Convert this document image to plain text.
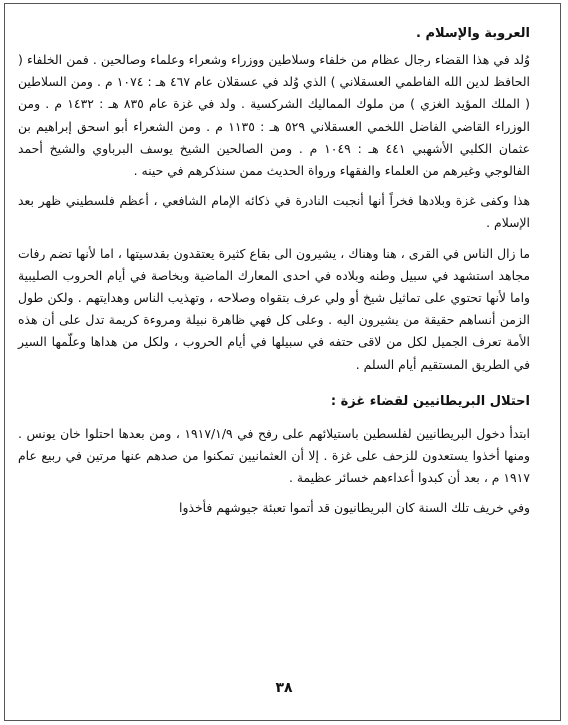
العروبة والإسلام .

وُلد في هذا القضاء رجال عظام من خلفاء وسلاطين ووزراء وشعراء وعلماء وصالحين . فمن الخلفاء ( الحافظ لدين الله الفاطمي العسقلاني ) الذي وُلد في عسقلان عام ٤٦٧ هـ : ١٠٧٤ م . ومن السلاطين ( الملك المؤيد الغزي ) من ملوك المماليك الشركسية . ولد في غزة عام ٨٣٥ هـ : ١٤٣٢ م . ومن الوزراء القاضي الفاضل اللخمي العسقلاني ٥٢٩ هـ : ١١٣٥ م . ومن الشعراء أبو اسحق إبراهيم بن عثمان الكلبي الأشهبي ٤٤١ هـ : ١٠٤٩ م . ومن الصالحين الشيخ يوسف البرباوي والشيخ أحمد الفالوجي وغيرهم من العلماء والفقهاء ورواة الحديث ممن سنذكرهم في حينه .

هذا وكفى غزة وبلادها فخراً أنها أنجبت النادرة في ذكائه الإمام الشافعي ، أعظم فلسطيني ظهر بعد الإسلام .

ما زال الناس في القرى ، هنا وهناك ، يشيرون الى بقاع كثيرة يعتقدون بقدسيتها ، اما لأنها تضم رفات مجاهد استشهد في سبيل وطنه وبلاده في احدى المعارك الماضية وبخاصة في أيام الحروب الصليبية واما لأنها تحتوي على تماثيل شيخ أو ولي عرف بتقواه وصلاحه ، وتهذيب الناس وهدايتهم . ولكن طول الزمن أنساهم حقيقة من يشيرون اليه . وعلى كل فهي ظاهرة نبيلة ومروءة كريمة تدل على أن هذه الأمة تعرف الجميل لكل من لاقى حتفه في سبيلها في أيام الحروب ، ولكل من هداها وعلّمها السير في الطريق المستقيم أيام السلم .

احتلال البريطانيين لقضاء غزة :

ابتدأ دخول البريطانيين لفلسطين باستيلائهم على رفح في ١٩١٧/١/٩ ، ومن بعدها احتلوا خان يونس . ومنها أخذوا يستعدون للزحف على غزة . إلا أن العثمانيين تمكنوا من صدهم عنها مرتين في ربيع عام ١٩١٧ م ، بعد أن كبدوا أعداءهم خسائر عظيمة .

وفي خريف تلك السنة كان البريطانيون قد أتموا تعبئة جيوشهم فأخذوا

٣٨
